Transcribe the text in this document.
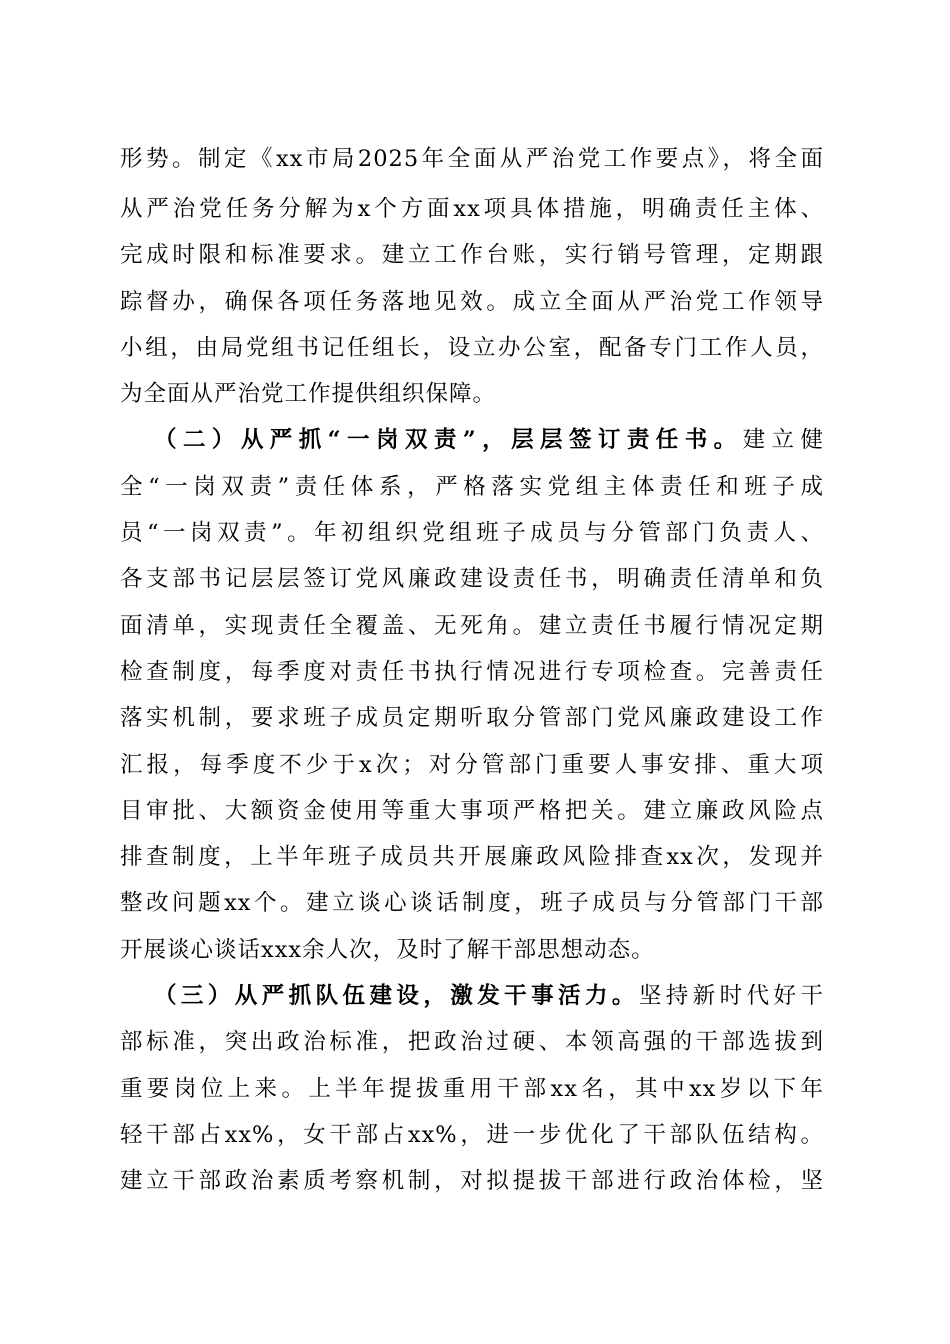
形势。制定《xx市局2025年全面从严治党工作要点》，将全面
从严治党任务分解为x个方面xx项具体措施，明确责任主体、
完成时限和标准要求。建立工作台账，实行销号管理，定期跟
踪督办，确保各项任务落地见效。成立全面从严治党工作领导
小组，由局党组书记任组长，设立办公室，配备专门工作人员，
为全面从严治党工作提供组织保障。
（二）从严抓“一岗双责”，层层签订责任书。建立健
全“一岗双责”责任体系，严格落实党组主体责任和班子成
员“一岗双责”。年初组织党组班子成员与分管部门负责人、
各支部书记层层签订党风廉政建设责任书，明确责任清单和负
面清单，实现责任全覆盖、无死角。建立责任书履行情况定期
检查制度，每季度对责任书执行情况进行专项检查。完善责任
落实机制，要求班子成员定期听取分管部门党风廉政建设工作
汇报，每季度不少于x次；对分管部门重要人事安排、重大项
目审批、大额资金使用等重大事项严格把关。建立廉政风险点
排查制度，上半年班子成员共开展廉政风险排查xx次，发现并
整改问题xx个。建立谈心谈话制度，班子成员与分管部门干部
开展谈心谈话xxx余人次，及时了解干部思想动态。
（三）从严抓队伍建设，激发干事活力。坚持新时代好干
部标准，突出政治标准，把政治过硬、本领高强的干部选拔到
重要岗位上来。上半年提拔重用干部xx名，其中xx岁以下年
轻干部占xx%，女干部占xx%，进一步优化了干部队伍结构。
建立干部政治素质考察机制，对拟提拔干部进行政治体检，坚
